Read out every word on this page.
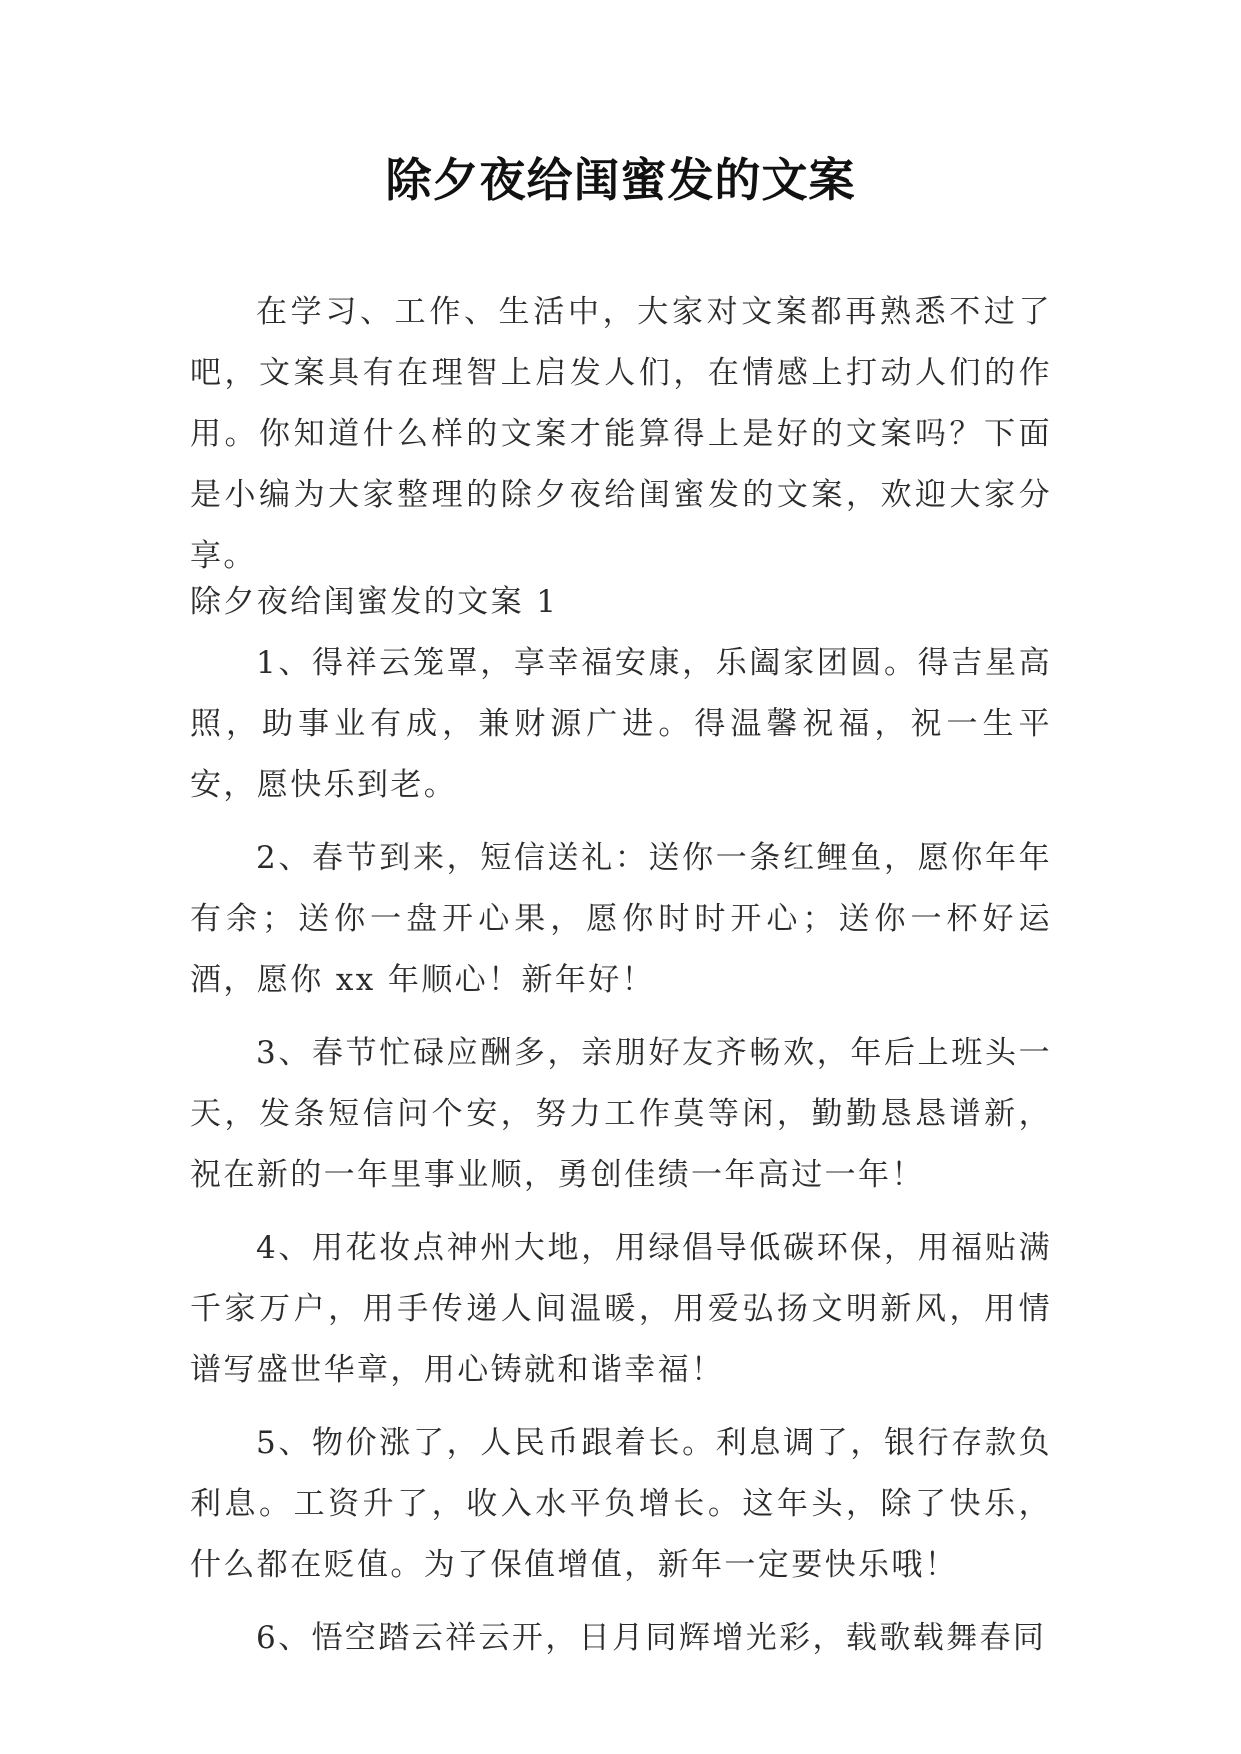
除夕夜给闺蜜发的文案

在学习、工作、生活中，大家对文案都再熟悉不过了吧，文案具有在理智上启发人们，在情感上打动人们的作用。你知道什么样的文案才能算得上是好的文案吗？下面是小编为大家整理的除夕夜给闺蜜发的文案，欢迎大家分享。

除夕夜给闺蜜发的文案 1
1、得祥云笼罩，享幸福安康，乐阖家团圆。得吉星高照，助事业有成，兼财源广进。得温馨祝福，祝一生平安，愿快乐到老。
2、春节到来，短信送礼：送你一条红鲤鱼，愿你年年有余；送你一盘开心果，愿你时时开心；送你一杯好运酒，愿你 xx 年顺心！新年好！
3、春节忙碌应酬多，亲朋好友齐畅欢，年后上班头一天，发条短信问个安，努力工作莫等闲，勤勤恳恳谱新，祝在新的一年里事业顺，勇创佳绩一年高过一年！
4、用花妆点神州大地，用绿倡导低碳环保，用福贴满千家万户，用手传递人间温暖，用爱弘扬文明新风，用情谱写盛世华章，用心铸就和谐幸福！
5、物价涨了，人民币跟着长。利息调了，银行存款负利息。工资升了，收入水平负增长。这年头，除了快乐，什么都在贬值。为了保值增值，新年一定要快乐哦！
6、悟空踏云祥云开，日月同辉增光彩，载歌载舞春同
